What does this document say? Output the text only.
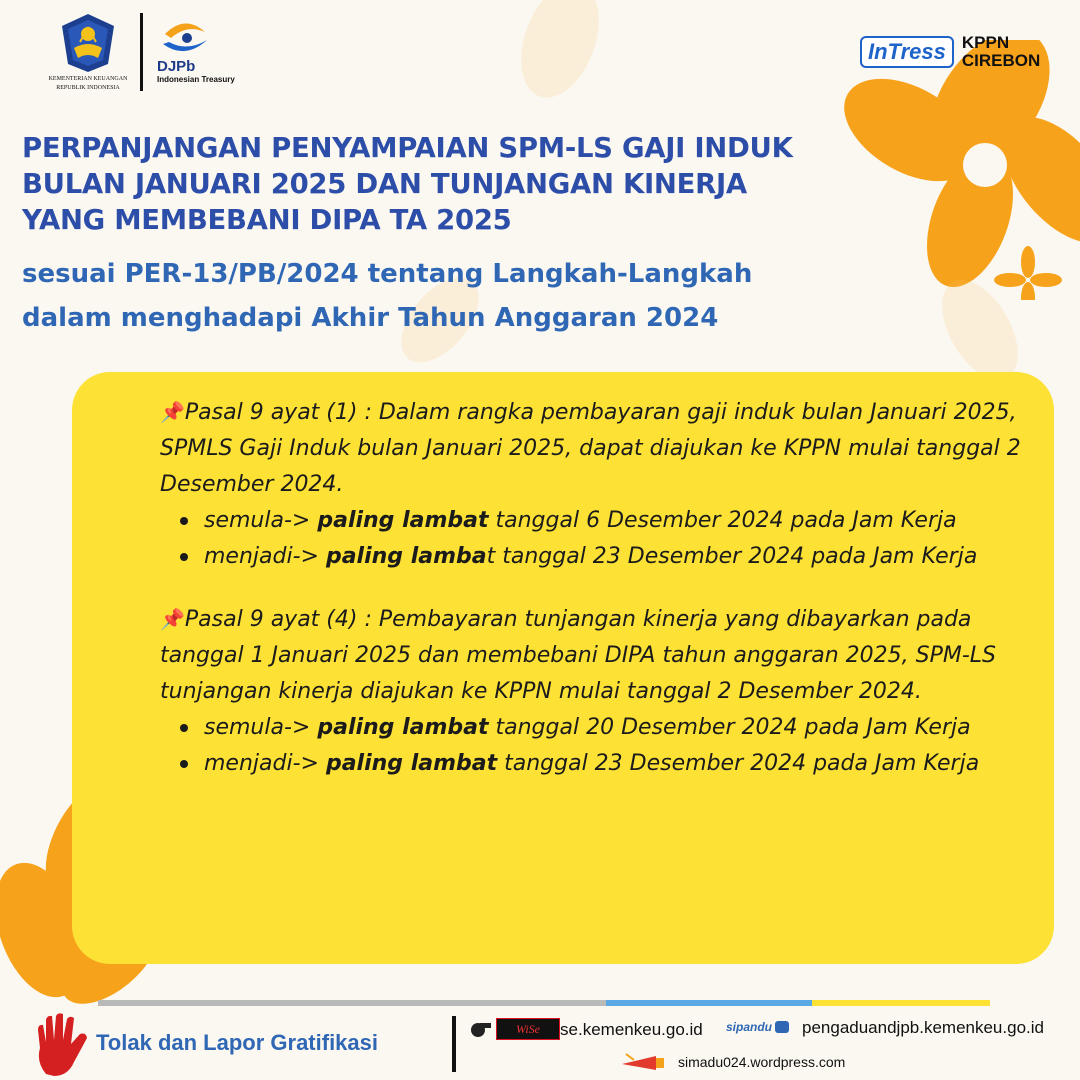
KEMENTERIAN KEUANGAN
REPUBLIK INDONESIA
DJPb
Indonesian Treasury
InTress KPPN
CIREBON
PERPANJANGAN PENYAMPAIAN SPM-LS GAJI INDUK
BULAN JANUARI 2025 DAN TUNJANGAN KINERJA
YANG MEMBEBANI DIPA TA 2025
sesuai PER-13/PB/2024 tentang Langkah-Langkah
dalam menghadapi Akhir Tahun Anggaran 2024

📌Pasal 9 ayat (1) : Dalam rangka pembayaran gaji induk bulan Januari 2025, SPMLS Gaji Induk bulan Januari 2025, dapat diajukan ke KPPN mulai tanggal 2 Desember 2024.

semula-> paling lambat tanggal 6 Desember 2024 pada Jam Kerja
menjadi-> paling lambat tanggal 23 Desember 2024 pada Jam Kerja

📌Pasal 9 ayat (4) : Pembayaran tunjangan kinerja yang dibayarkan pada tanggal 1 Januari 2025 dan membebani DIPA tahun anggaran 2025, SPM-LS tunjangan kinerja diajukan ke KPPN mulai tanggal 2 Desember 2024.

semula-> paling lambat tanggal 20 Desember 2024 pada Jam Kerja
menjadi-> paling lambat tanggal 23 Desember 2024 pada Jam Kerja
Tolak dan Lapor Gratifikasi
WiSe wise.kemenkeu.go.id sipandu pengaduandjpb.kemenkeu.go.id
simadu024.wordpress.com
